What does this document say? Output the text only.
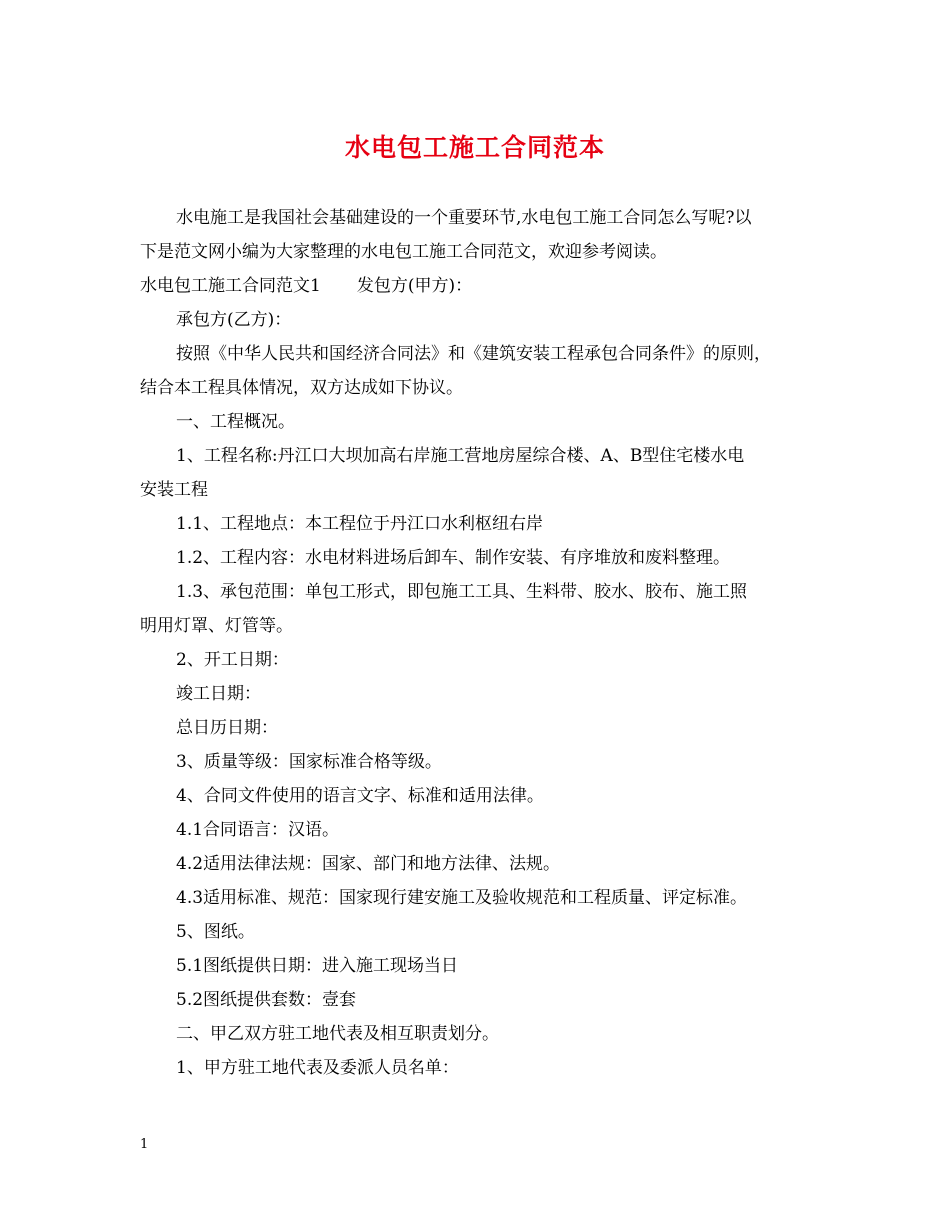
水电包工施工合同范本
水电施工是我国社会基础建设的一个重要环节,水电包工施工合同怎么写呢?以
下是范文网小编为大家整理的水电包工施工合同范文，欢迎参考阅读。
水电包工施工合同范文1 发包方(甲方)：
承包方(乙方)：
按照《中华人民共和国经济合同法》和《建筑安装工程承包合同条件》的原则，
结合本工程具体情况，双方达成如下协议。
一、工程概况。
1、工程名称:丹江口大坝加高右岸施工营地房屋综合楼、A、B型住宅楼水电
安装工程
1.1、工程地点：本工程位于丹江口水利枢纽右岸
1.2、工程内容：水电材料进场后卸车、制作安装、有序堆放和废料整理。
1.3、承包范围：单包工形式，即包施工工具、生料带、胶水、胶布、施工照
明用灯罩、灯管等。
2、开工日期：
竣工日期：
总日历日期：
3、质量等级：国家标准合格等级。
4、合同文件使用的语言文字、标准和适用法律。
4.1合同语言：汉语。
4.2适用法律法规：国家、部门和地方法律、法规。
4.3适用标准、规范：国家现行建安施工及验收规范和工程质量、评定标准。
5、图纸。
5.1图纸提供日期：进入施工现场当日
5.2图纸提供套数：壹套
二、甲乙双方驻工地代表及相互职责划分。
1、甲方驻工地代表及委派人员名单：
1
